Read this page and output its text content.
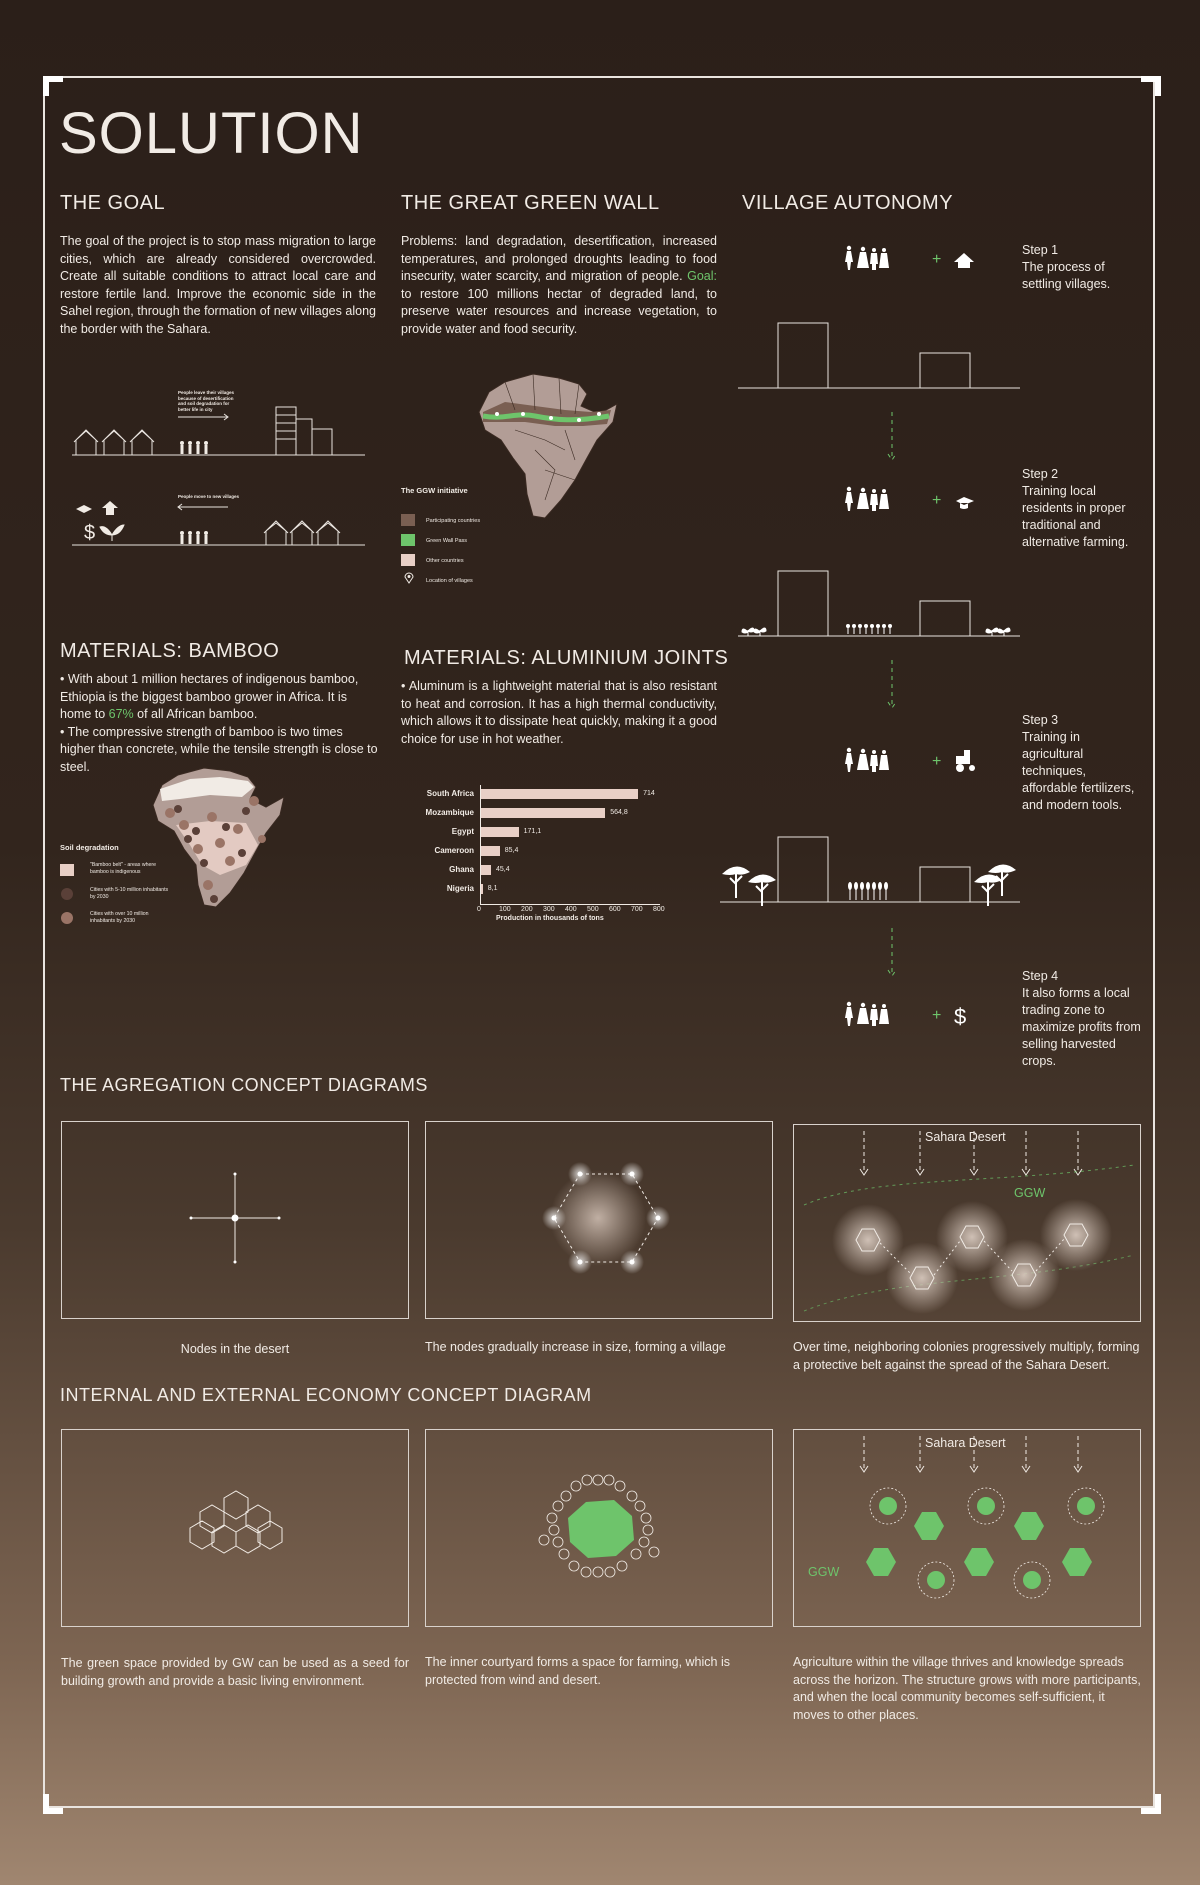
SOLUTION
THE GOAL
The goal of the project is to stop mass migration to large cities, which are already considered overcrowded. Create all suitable conditions to attract local care and restore fertile land. Improve the economic side in the Sahel region, through the formation of new villages along the border with the Sahara.
$
People leave their villages because of desertification and soil degradation for better life in city
People move to new villages
THE GREAT GREEN WALL
Problems: land degradation, desertification, increased temperatures, and prolonged droughts leading to food insecurity, water scarcity, and migration of people. Goal: to restore 100 millions hectar of degraded land, to preserve water resources and increase vegetation, to provide water and food security.
The GGW initiative
Participating countries
Green Wall Pass
Other countries
Location of villages
VILLAGE AUTONOMY
+
+
+
+ $
Step 1
The process of settling villages.
Step 2
Training local residents in proper traditional and alternative farming.
Step 3
Training in agricultural techniques, affordable fertilizers, and modern tools.
Step 4
It also forms a local trading zone to maximize profits from selling harvested crops.
MATERIALS: BAMBOO
• With about 1 million hectares of indigenous bamboo, Ethiopia is the biggest bamboo grower in Africa. It is home to 67% of all African bamboo.
• The compressive strength of bamboo is two times higher than concrete, while the tensile strength is close to steel.
Soil degradation
"Bamboo belt" - areas where bamboo is indigenous
Cities with 5-10 million inhabitants by 2030
Cities with over 10 million inhabitants by 2030
MATERIALS: ALUMINIUM JOINTS
• Aluminum is a lightweight material that is also resistant to heat and corrosion. It has a high thermal conductivity, which allows it to dissipate heat quickly, making it a good choice for use in hot weather.
South Africa	714
Mozambique	564,8
Egypt	171,1
Cameroon	85,4
Ghana	45,4
Nigeria 8,1
0	100 200 300 400 500 600 700 800
Production in thousands of tons
THE AGREGATION CONCEPT DIAGRAMS
Sahara Desert
GGW
Nodes in the desert	The nodes gradually increase in size, forming a village	Over time, neighboring colonies progressively multiply, forming a protective belt against the spread of the Sahara Desert.
INTERNAL AND EXTERNAL ECONOMY CONCEPT DIAGRAM
Sahara Desert
GGW
The green space provided by GW can be used as a seed for building growth and provide a basic living environment.
The inner courtyard forms a space for farming, which is protected from wind and desert.
Agriculture within the village thrives and knowledge spreads across the horizon. The structure grows with more participants, and when the local community becomes self-sufficient, it moves to other places.
